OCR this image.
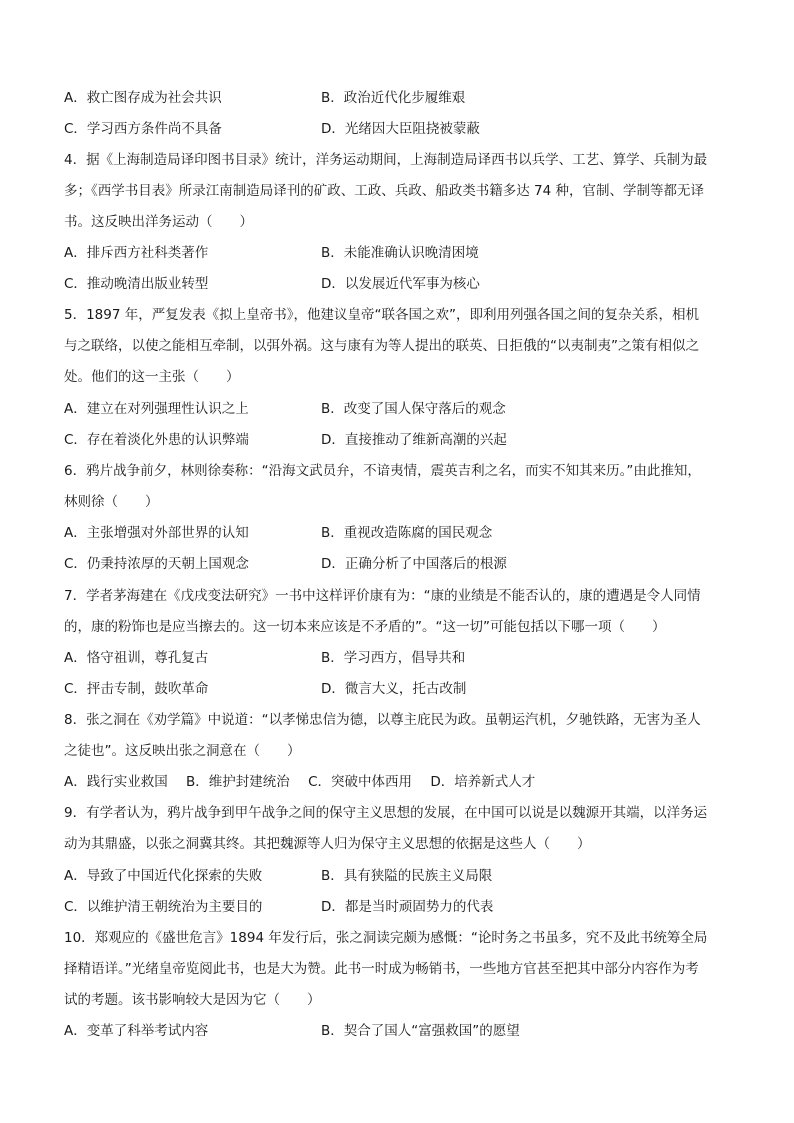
A．救亡图存成为社会共识	B．政治近代化步履维艰
C．学习西方条件尚不具备	D．光绪因大臣阻挠被蒙蔽
4．据《上海制造局译印图书目录》统计，洋务运动期间，上海制造局译西书以兵学、工艺、算学、兵制为最
多；《西学书目表》所录江南制造局译刊的矿政、工政、兵政、船政类书籍多达 74 种，官制、学制等都无译
书。这反映出洋务运动（　　）
A．排斥西方社科类著作	B．未能准确认识晚清困境
C．推动晚清出版业转型	D．以发展近代军事为核心
5．1897 年，严复发表《拟上皇帝书》，他建议皇帝“联各国之欢”，即利用列强各国之间的复杂关系，相机
与之联络，以使之能相互牵制，以弭外祸。这与康有为等人提出的联英、日拒俄的“以夷制夷”之策有相似之
处。他们的这一主张（　　）
A．建立在对列强理性认识之上	B．改变了国人保守落后的观念
C．存在着淡化外患的认识弊端	D．直接推动了维新高潮的兴起
6．鸦片战争前夕，林则徐奏称：“沿海文武员弁，不谙夷情，震英吉利之名，而实不知其来历。”由此推知，
林则徐（　　）
A．主张增强对外部世界的认知	B．重视改造陈腐的国民观念
C．仍秉持浓厚的天朝上国观念	D．正确分析了中国落后的根源
7．学者茅海建在《戊戌变法研究》一书中这样评价康有为：“康的业绩是不能否认的，康的遭遇是令人同情
的，康的粉饰也是应当擦去的。这一切本来应该是不矛盾的”。“这一切”可能包括以下哪一项（　　）
A．恪守祖训，尊孔复古	B．学习西方，倡导共和
C．抨击专制，鼓吹革命	D．微言大义，托古改制
8．张之洞在《劝学篇》中说道：“以孝悌忠信为德，以尊主庇民为政。虽朝运汽机，夕驰铁路，无害为圣人
之徒也”。这反映出张之洞意在（　　）
A．践行实业救国 B．维护封建统治 C．突破中体西用 D．培养新式人才
9．有学者认为，鸦片战争到甲午战争之间的保守主义思想的发展，在中国可以说是以魏源开其端，以洋务运
动为其鼎盛，以张之洞冀其终。其把魏源等人归为保守主义思想的依据是这些人（　　）
A．导致了中国近代化探索的失败	B．具有狭隘的民族主义局限
C．以维护清王朝统治为主要目的	D．都是当时顽固势力的代表
10．郑观应的《盛世危言》1894 年发行后，张之洞读完颇为感慨：“论时务之书虽多，究不及此书统筹全局
择精语详。”光绪皇帝览阅此书，也是大为赞。此书一时成为畅销书，一些地方官甚至把其中部分内容作为考
试的考题。该书影响较大是因为它（　　）
A．变革了科举考试内容	B．契合了国人“富强救国”的愿望
